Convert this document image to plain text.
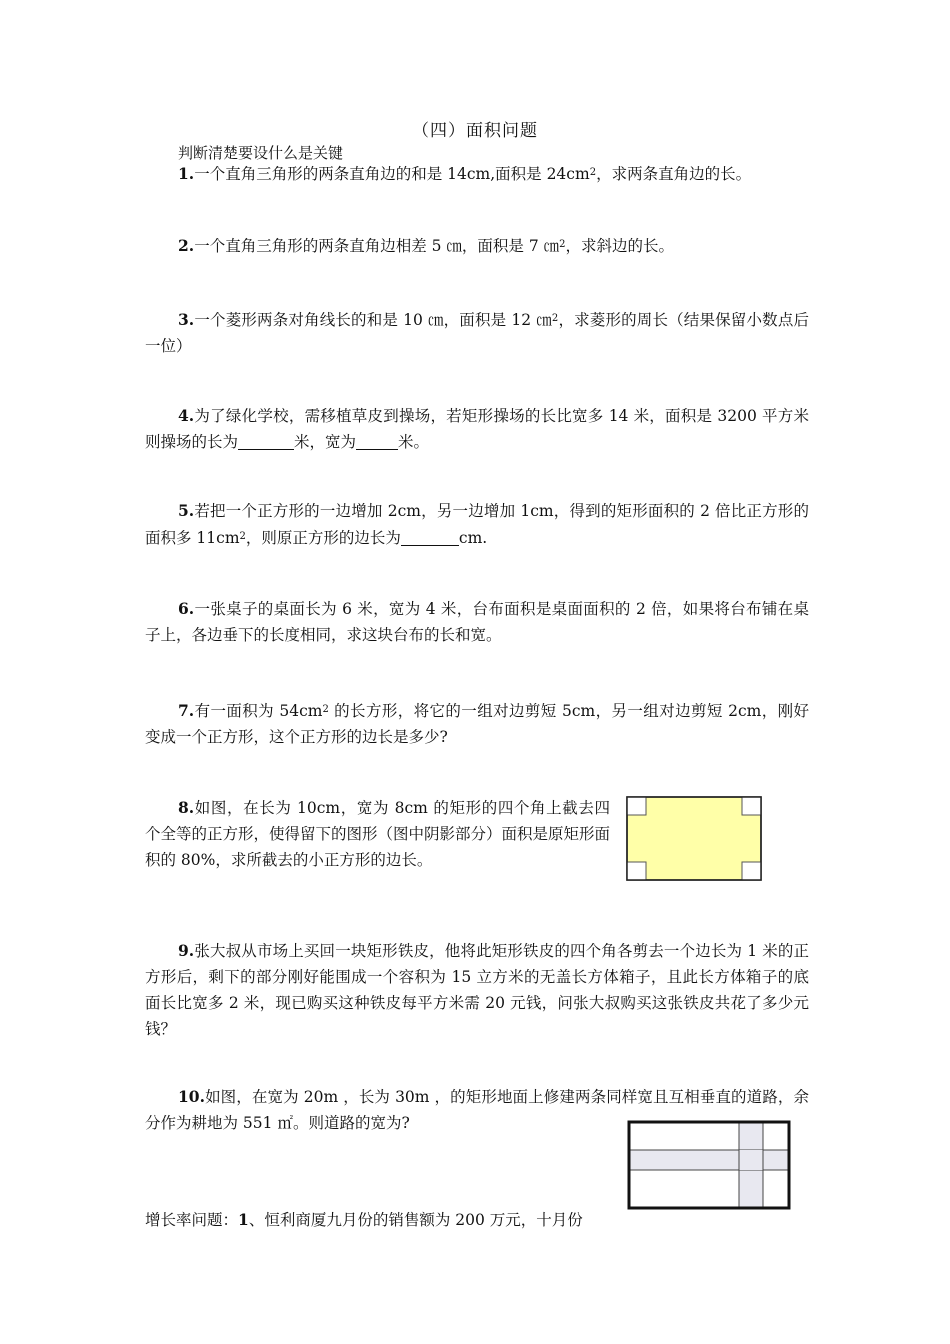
（四）面积问题
判断清楚要设什么是关键
1.一个直角三角形的两条直角边的和是 14cm,面积是 $24cm^2$，求两条直角边的长。
2.一个直角三角形的两条直角边相差 5 ㎝，面积是 7 ㎝$^2$，求斜边的长。
3.一个菱形两条对角线长的和是 10 ㎝，面积是 12 ㎝$^2$，求菱形的周长（结果保留小数点后一位）
4.为了绿化学校，需移植草皮到操场，若矩形操场的长比宽多 14 米，面积是 3200 平方米则操场的长为	米，宽为	米。
5.若把一个正方形的一边增加 2cm，另一边增加 1cm，得到的矩形面积的 2 倍比正方形的面积多 $11cm^2$，则原正方形的边长为	cm.
6.一张桌子的桌面长为 6 米，宽为 4 米，台布面积是桌面面积的 2 倍，如果将台布铺在桌子上，各边垂下的长度相同，求这块台布的长和宽。
7.有一面积为 $54cm^2$ 的长方形，将它的一组对边剪短 5cm，另一组对边剪短 2cm，刚好变成一个正方形，这个正方形的边长是多少?
8.如图，在长为 10cm，宽为 8cm 的矩形的四个角上截去四个全等的正方形，使得留下的图形（图中阴影部分）面积是原矩形面积的 80%，求所截去的小正方形的边长。
9.张大叔从市场上买回一块矩形铁皮，他将此矩形铁皮的四个角各剪去一个边长为 1 米的正方形后，剩下的部分刚好能围成一个容积为 15 立方米的无盖长方体箱子，且此长方体箱子的底面长比宽多 2 米，现已购买这种铁皮每平方米需 20 元钱，问张大叔购买这张铁皮共花了多少元钱？
10.如图，在宽为 20m ，长为 30m ，的矩形地面上修建两条同样宽且互相垂直的道路，余分作为耕地为 551 ㎡。则道路的宽为?
增长率问题：1、恒利商厦九月份的销售额为 200 万元，十月份
